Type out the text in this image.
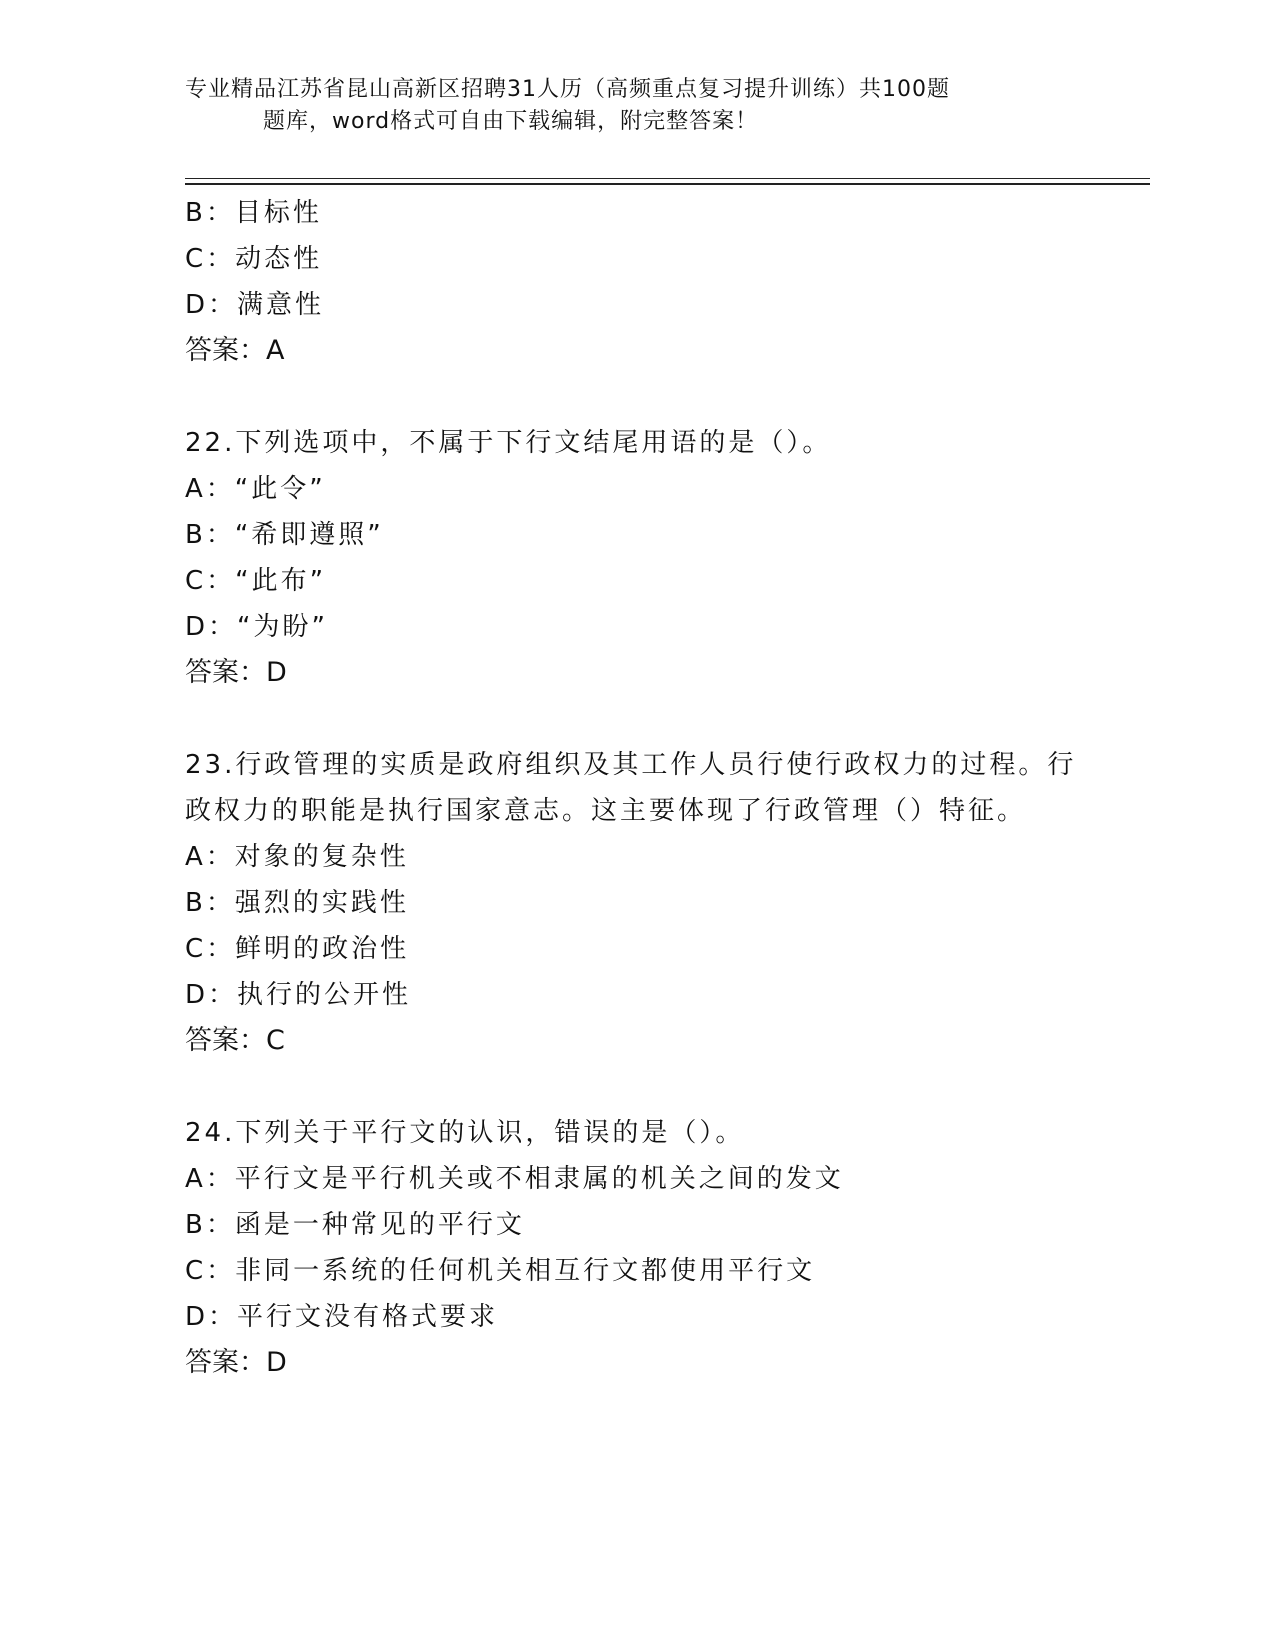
专业精品江苏省昆山高新区招聘31人历（高频重点复习提升训练）共100题
题库，word格式可自由下载编辑，附完整答案！
B：目标性
C：动态性
D：满意性
答案：A
22.下列选项中，不属于下行文结尾用语的是（）。
A：“此令”
B：“希即遵照”
C：“此布”
D：“为盼”
答案：D
23.行政管理的实质是政府组织及其工作人员行使行政权力的过程。行
政权力的职能是执行国家意志。这主要体现了行政管理（）特征。
A：对象的复杂性
B：强烈的实践性
C：鲜明的政治性
D：执行的公开性
答案：C
24.下列关于平行文的认识，错误的是（）。
A：平行文是平行机关或不相隶属的机关之间的发文
B：函是一种常见的平行文
C：非同一系统的任何机关相互行文都使用平行文
D：平行文没有格式要求
答案：D
